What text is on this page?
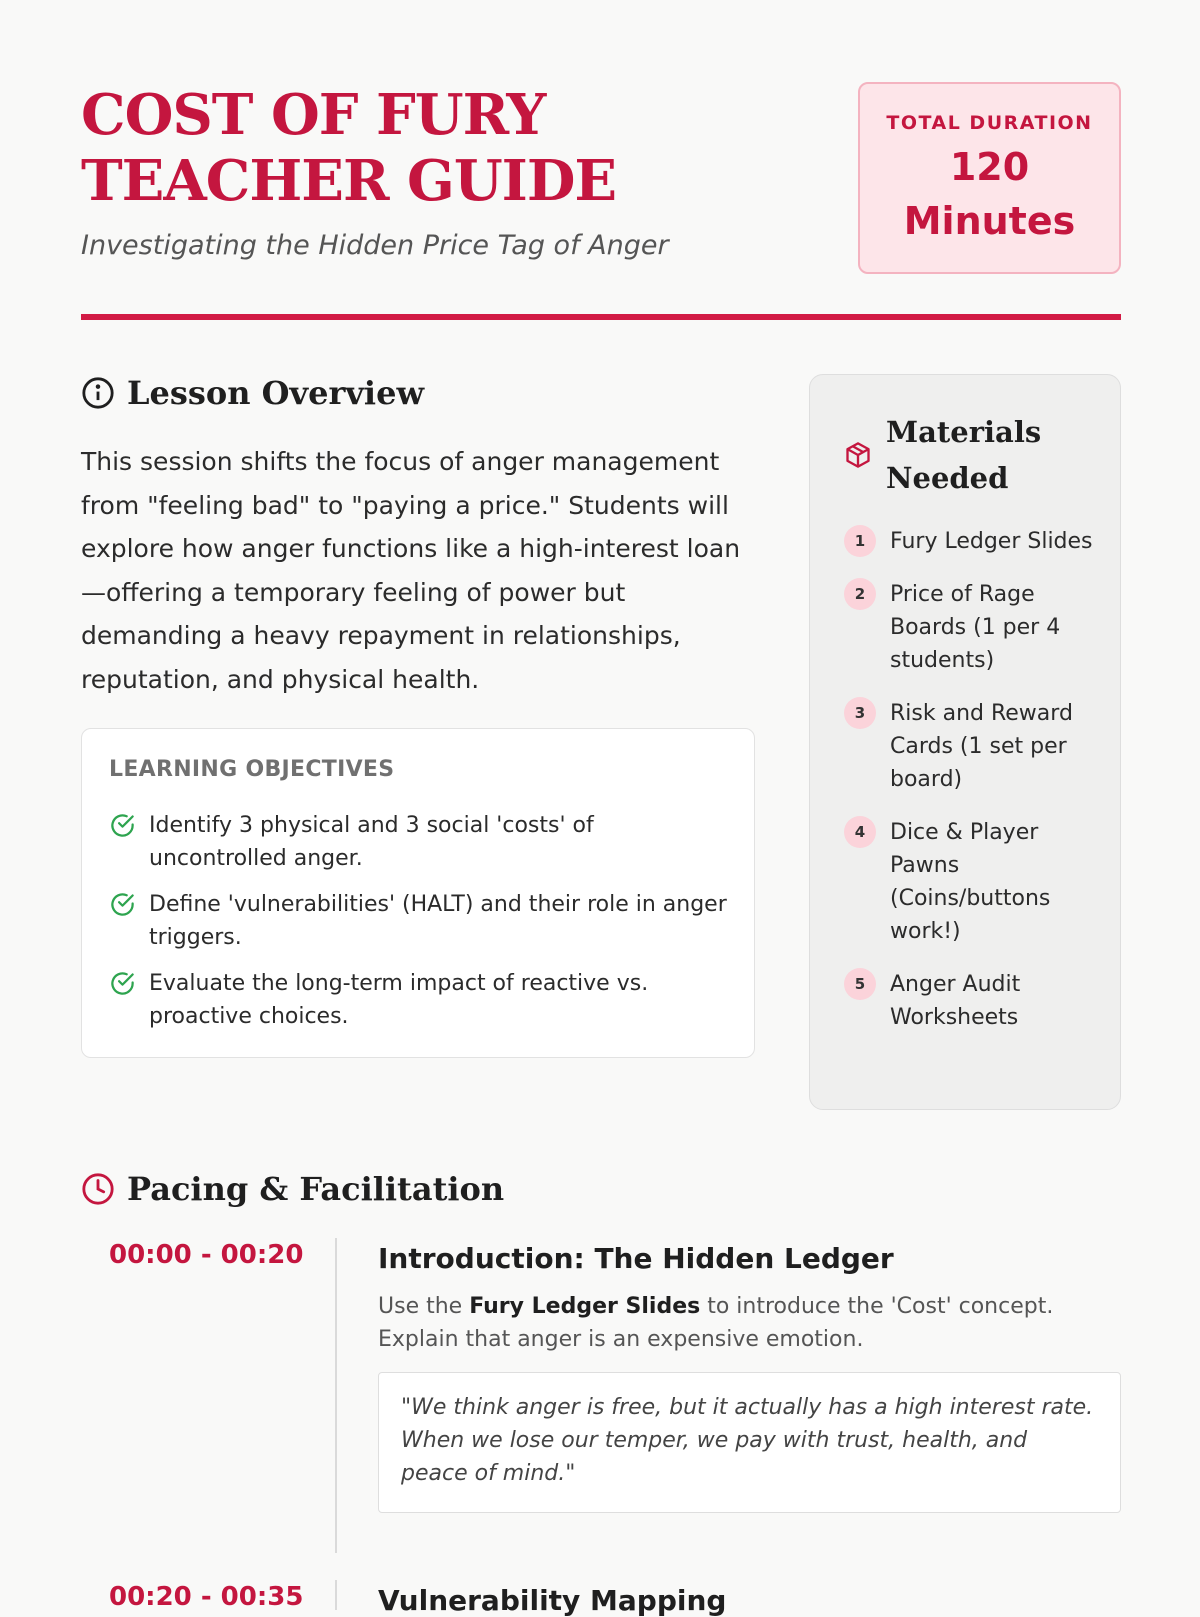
COST OF FURY TEACHER GUIDE
Investigating the Hidden Price Tag of Anger
TOTAL DURATION
120 Minutes
Lesson Overview

This session shifts the focus of anger management from "feeling bad" to "paying a price." Students will explore how anger functions like a high-interest loan—offering a temporary feeling of power but demanding a heavy repayment in relationships, reputation, and physical health.

LEARNING OBJECTIVES
Identify 3 physical and 3 social 'costs' of uncontrolled anger.
Define 'vulnerabilities' (HALT) and their role in anger triggers.
Evaluate the long-term impact of reactive vs. proactive choices.
Materials Needed
1	Fury Ledger Slides
2	Price of Rage Boards (1 per 4 students)
3	Risk and Reward Cards (1 set per board)
4	Dice & Player Pawns (Coins/buttons work!)
5	Anger Audit Worksheets
Pacing & Facilitation
00:00 - 00:20	Introduction: The Hidden Ledger

Use the Fury Ledger Slides to introduce the 'Cost' concept. Explain that anger is an expensive emotion.

"We think anger is free, but it actually has a high interest rate. When we lose our temper, we pay with trust, health, and peace of mind."
00:20 - 00:35	Vulnerability Mapping
